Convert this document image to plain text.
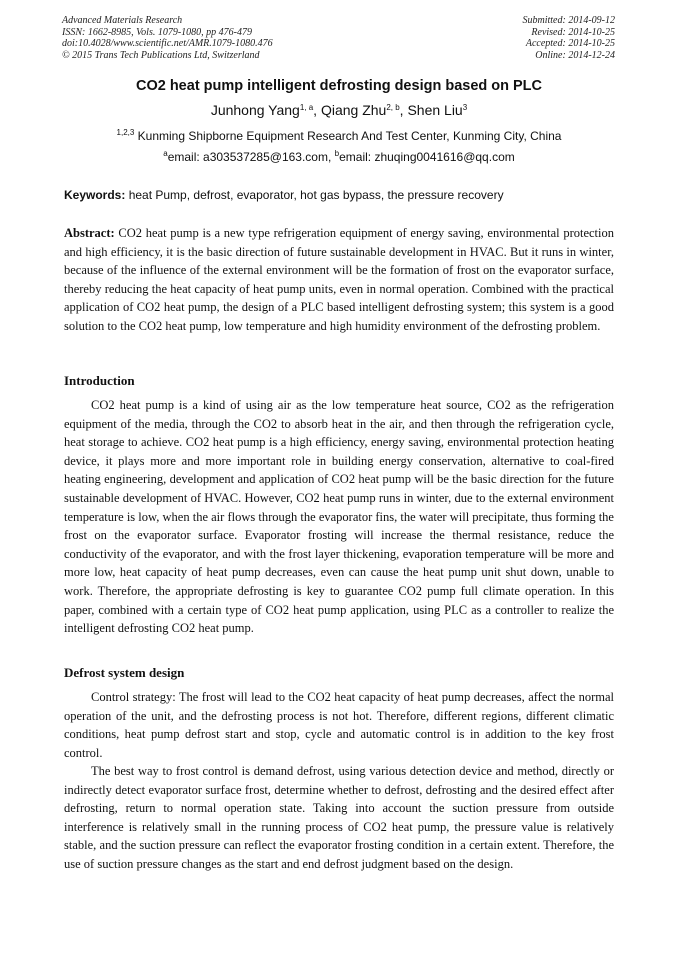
Advanced Materials Research
ISSN: 1662-8985, Vols. 1079-1080, pp 476-479
doi:10.4028/www.scientific.net/AMR.1079-1080.476
© 2015 Trans Tech Publications Ltd, Switzerland
Submitted: 2014-09-12
Revised: 2014-10-25
Accepted: 2014-10-25
Online: 2014-12-24
CO2 heat pump intelligent defrosting design based on PLC
Junhong Yang$^{1, a}$, Qiang Zhu$^{2, b}$, Shen Liu$^3$
$^{1,2,3}$ Kunming Shipborne Equipment Research And Test Center, Kunming City, China
$^a$email: a303537285@163.com, $^b$email: zhuqing0041616@qq.com
Keywords: heat Pump, defrost, evaporator, hot gas bypass, the pressure recovery
Abstract: CO2 heat pump is a new type refrigeration equipment of energy saving, environmental protection and high efficiency, it is the basic direction of future sustainable development in HVAC. But it runs in winter, because of the influence of the external environment will be the formation of frost on the evaporator surface, thereby reducing the heat capacity of heat pump units, even in normal operation. Combined with the practical application of CO2 heat pump, the design of a PLC based intelligent defrosting system; this system is a good solution to the CO2 heat pump, low temperature and high humidity environment of the defrosting problem.
Introduction
CO2 heat pump is a kind of using air as the low temperature heat source, CO2 as the refrigeration equipment of the media, through the CO2 to absorb heat in the air, and then through the refrigeration cycle, heat storage to achieve. CO2 heat pump is a high efficiency, energy saving, environmental protection heating device, it plays more and more important role in building energy conservation, alternative to coal-fired heating engineering, development and application of CO2 heat pump will be the basic direction for the future sustainable development of HVAC. However, CO2 heat pump runs in winter, due to the external environment temperature is low, when the air flows through the evaporator fins, the water will precipitate, thus forming the frost on the evaporator surface. Evaporator frosting will increase the thermal resistance, reduce the conductivity of the evaporator, and with the frost layer thickening, evaporation temperature will be more and more low, heat capacity of heat pump decreases, even can cause the heat pump unit shut down, unable to work. Therefore, the appropriate defrosting is key to guarantee CO2 pump full climate operation. In this paper, combined with a certain type of CO2 heat pump application, using PLC as a controller to realize the intelligent defrosting CO2 heat pump.
Defrost system design
Control strategy: The frost will lead to the CO2 heat capacity of heat pump decreases, affect the normal operation of the unit, and the defrosting process is not hot. Therefore, different regions, different climatic conditions, heat pump defrost start and stop, cycle and automatic control is in addition to the key frost control.
The best way to frost control is demand defrost, using various detection device and method, directly or indirectly detect evaporator surface frost, determine whether to defrost, defrosting and the desired effect after defrosting, return to normal operation state. Taking into account the suction pressure from outside interference is relatively small in the running process of CO2 heat pump, the pressure value is relatively stable, and the suction pressure can reflect the evaporator frosting condition in a certain extent. Therefore, the use of suction pressure changes as the start and end defrost judgment based on the design.
